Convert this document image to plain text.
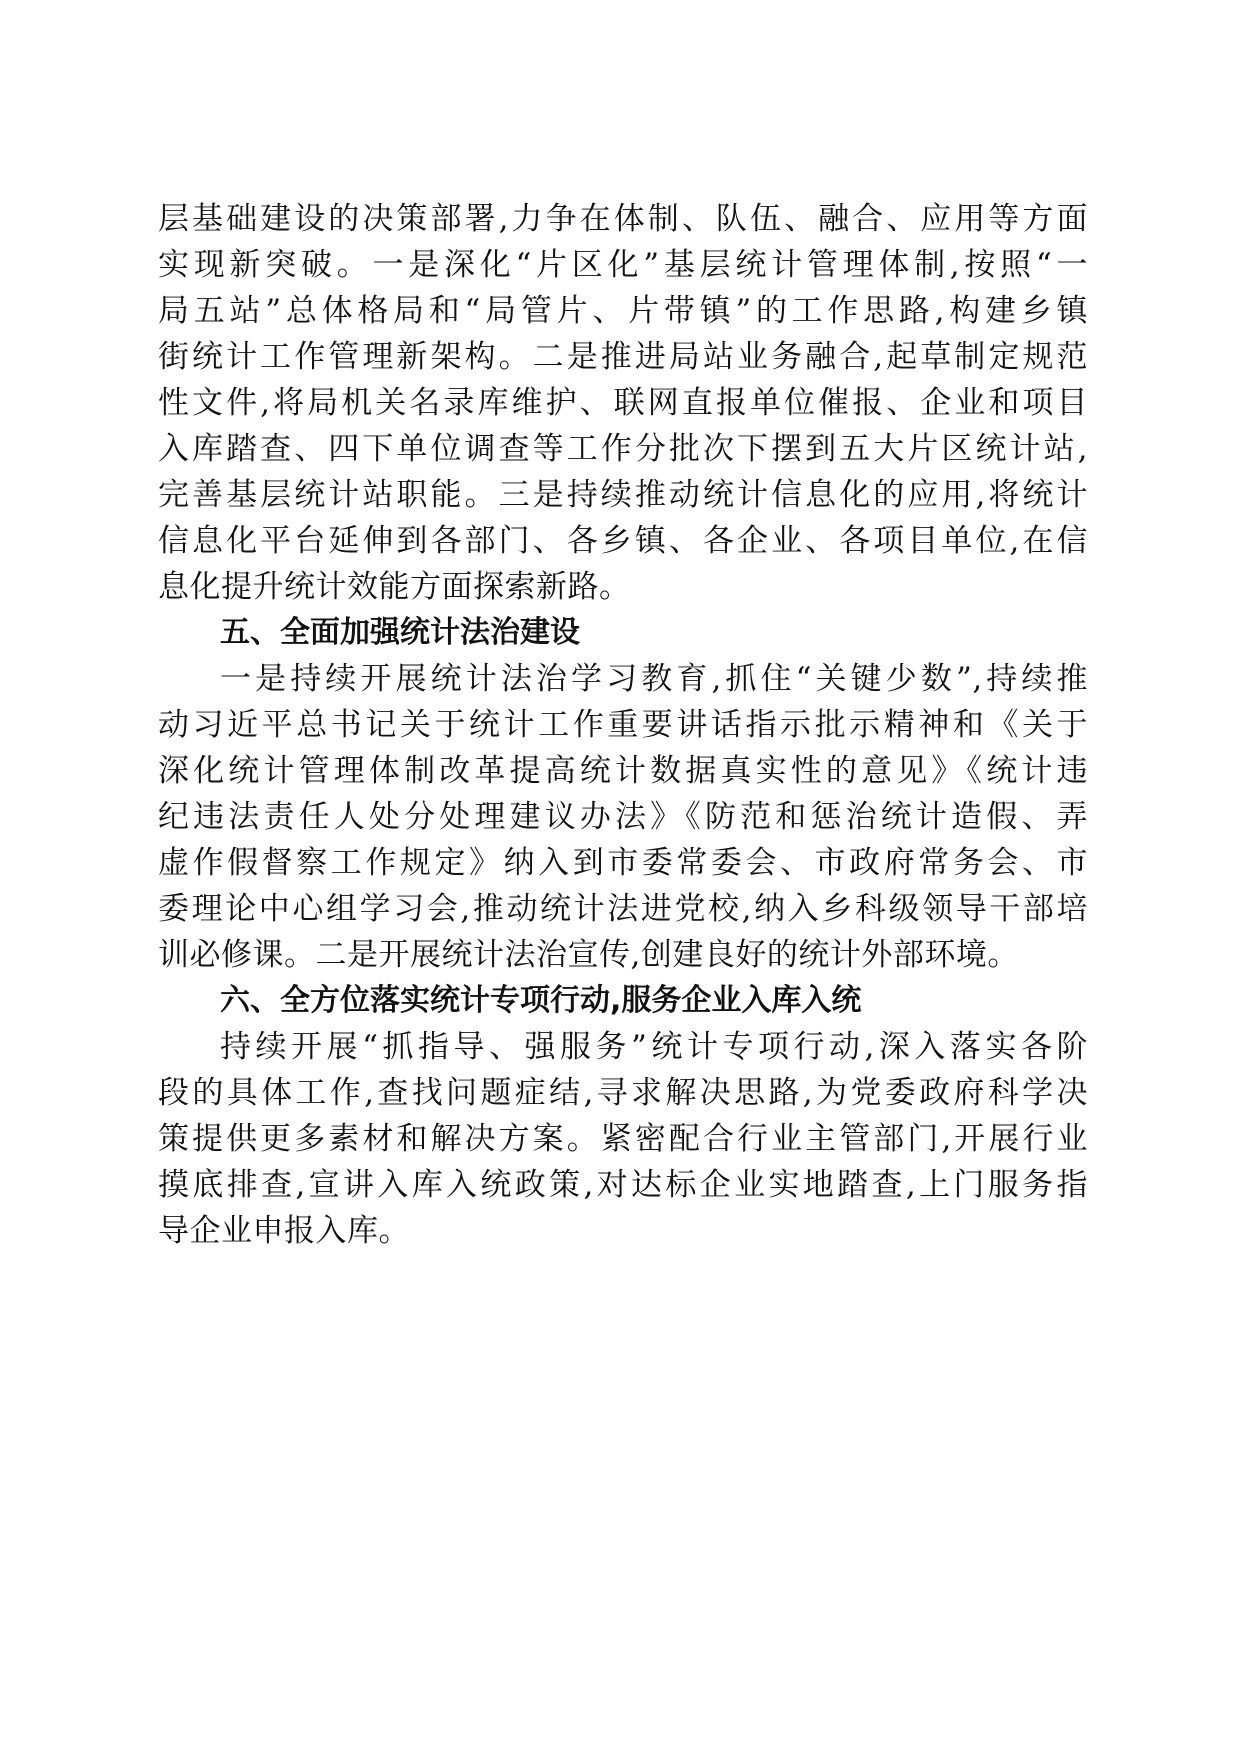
层基础建设的决策部署,力争在体制、队伍、融合、应用等方面
实现新突破。一是深化“片区化”基层统计管理体制,按照“一
局五站”总体格局和“局管片、片带镇”的工作思路,构建乡镇
街统计工作管理新架构。二是推进局站业务融合,起草制定规范
性文件,将局机关名录库维护、联网直报单位催报、企业和项目
入库踏查、四下单位调查等工作分批次下摆到五大片区统计站,
完善基层统计站职能。三是持续推动统计信息化的应用,将统计
信息化平台延伸到各部门、各乡镇、各企业、各项目单位,在信
息化提升统计效能方面探索新路。
五、全面加强统计法治建设
一是持续开展统计法治学习教育,抓住“关键少数”,持续推
动习近平总书记关于统计工作重要讲话指示批示精神和《关于
深化统计管理体制改革提高统计数据真实性的意见》《统计违
纪违法责任人处分处理建议办法》《防范和惩治统计造假、弄
虚作假督察工作规定》纳入到市委常委会、市政府常务会、市
委理论中心组学习会,推动统计法进党校,纳入乡科级领导干部培
训必修课。二是开展统计法治宣传,创建良好的统计外部环境。
六、全方位落实统计专项行动,服务企业入库入统
持续开展“抓指导、强服务”统计专项行动,深入落实各阶
段的具体工作,查找问题症结,寻求解决思路,为党委政府科学决
策提供更多素材和解决方案。紧密配合行业主管部门,开展行业
摸底排查,宣讲入库入统政策,对达标企业实地踏查,上门服务指
导企业申报入库。
